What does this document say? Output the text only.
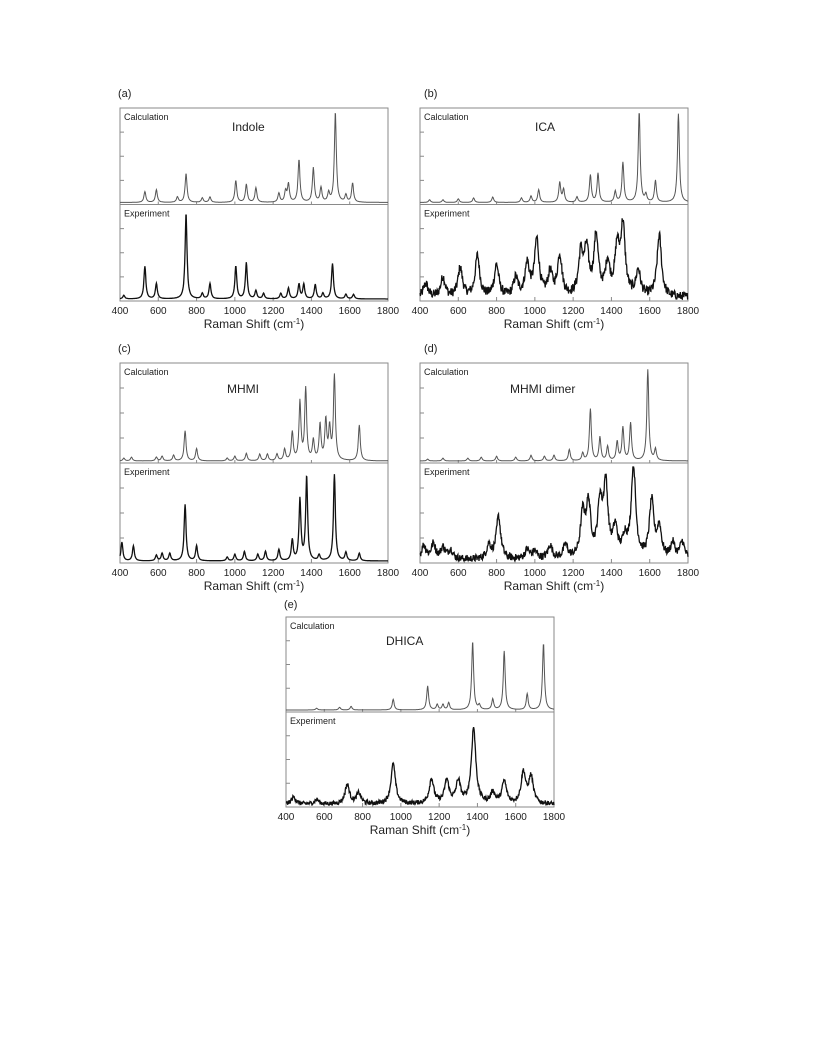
400 600 800 1000 1200 1400 1600 1800
Raman Shift $(cm^{-1})$
(a)
Calculation
Experiment
Indole
400 600 800 1000 1200 1400 1600 1800
Raman Shift $(cm^{-1})$
(b)
Calculation
Experiment
ICA
400 600 800 1000 1200 1400 1600 1800
Raman Shift $(cm^{-1})$
(c)
Calculation
Experiment
MHMI
400 600 800 1000 1200 1400 1600 1800
Raman Shift $(cm^{-1})$
(d)
Calculation
Experiment
MHMI dimer
400 600 800 1000 1200 1400 1600 1800
Raman Shift $(cm^{-1})$
(e)
Calculation
Experiment
DHICA
